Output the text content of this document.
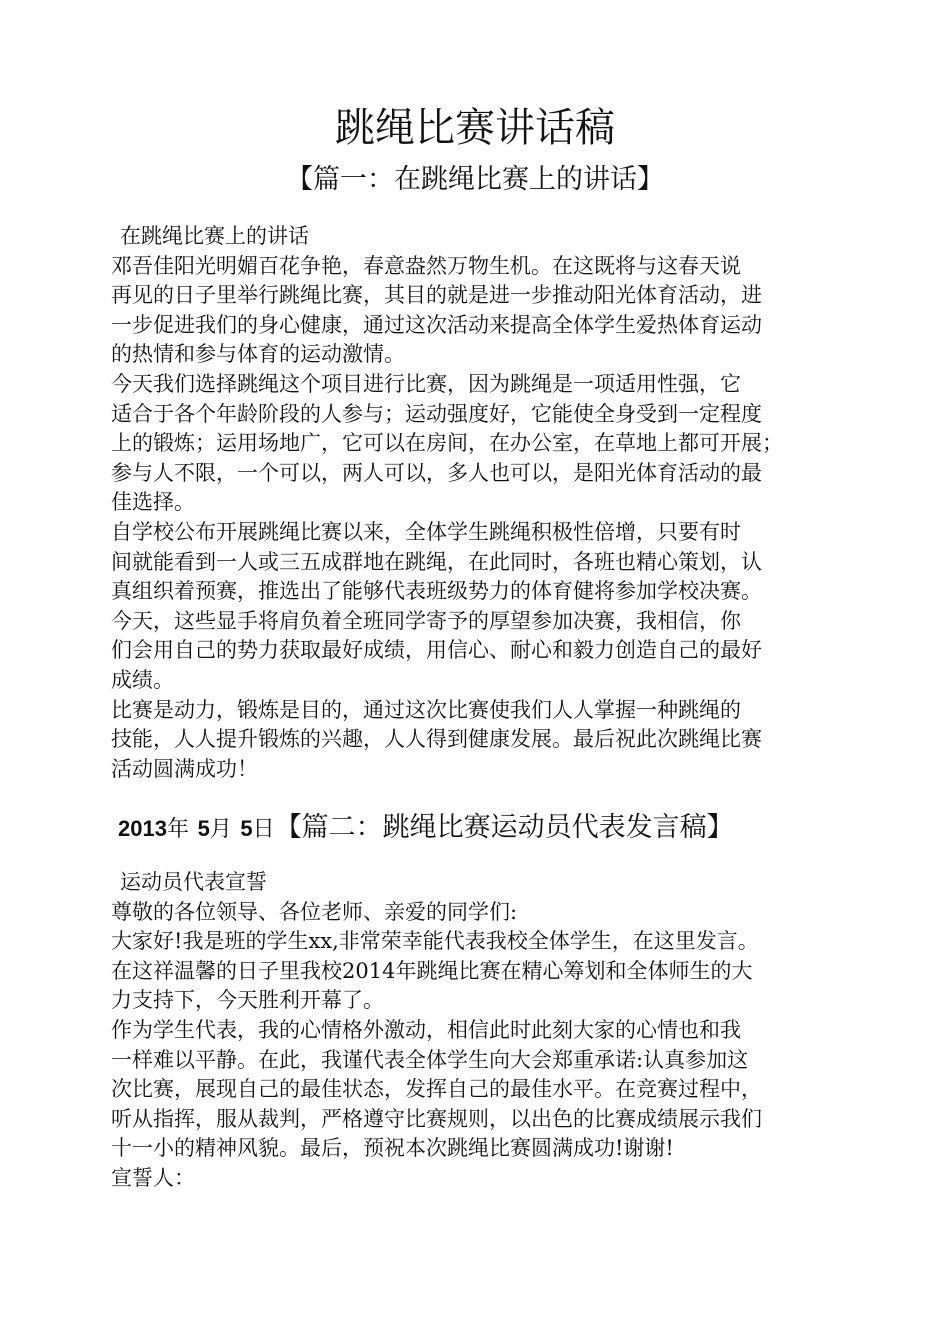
跳绳比赛讲话稿
【篇一：在跳绳比赛上的讲话】

在跳绳比赛上的讲话

邓吾佳阳光明媚百花争艳，春意盎然万物生机。在这既将与这春天说

再见的日子里举行跳绳比赛，其目的就是进一步推动阳光体育活动，进

一步促进我们的身心健康，通过这次活动来提高全体学生爱热体育运动

的热情和参与体育的运动激情。

今天我们选择跳绳这个项目进行比赛，因为跳绳是一项适用性强，它

适合于各个年龄阶段的人参与；运动强度好，它能使全身受到一定程度

上的锻炼；运用场地广，它可以在房间，在办公室，在草地上都可开展；

参与人不限，一个可以，两人可以，多人也可以，是阳光体育活动的最

佳选择。

自学校公布开展跳绳比赛以来，全体学生跳绳积极性倍增，只要有时

间就能看到一人或三五成群地在跳绳，在此同时，各班也精心策划，认

真组织着预赛，推选出了能够代表班级势力的体育健将参加学校决赛。

今天，这些显手将肩负着全班同学寄予的厚望参加决赛，我相信，你

们会用自己的势力获取最好成绩，用信心、耐心和毅力创造自己的最好

成绩。

比赛是动力，锻炼是目的，通过这次比赛使我们人人掌握一种跳绳的

技能，人人提升锻炼的兴趣，人人得到健康发展。最后祝此次跳绳比赛

活动圆满成功！

2013年 5月 5日【篇二：跳绳比赛运动员代表发言稿】

运动员代表宣誓

尊敬的各位领导、各位老师、亲爱的同学们:

大家好!我是班的学生xx,非常荣幸能代表我校全体学生，在这里发言。

在这祥温馨的日子里我校2014年跳绳比赛在精心筹划和全体师生的大

力支持下，今天胜利开幕了。

作为学生代表，我的心情格外激动，相信此时此刻大家的心情也和我

一样难以平静。在此，我谨代表全体学生向大会郑重承诺:认真参加这

次比赛，展现自己的最佳状态，发挥自己的最佳水平。在竞赛过程中，

听从指挥，服从裁判，严格遵守比赛规则，以出色的比赛成绩展示我们

十一小的精神风貌。最后，预祝本次跳绳比赛圆满成功!谢谢!

宣誓人：
